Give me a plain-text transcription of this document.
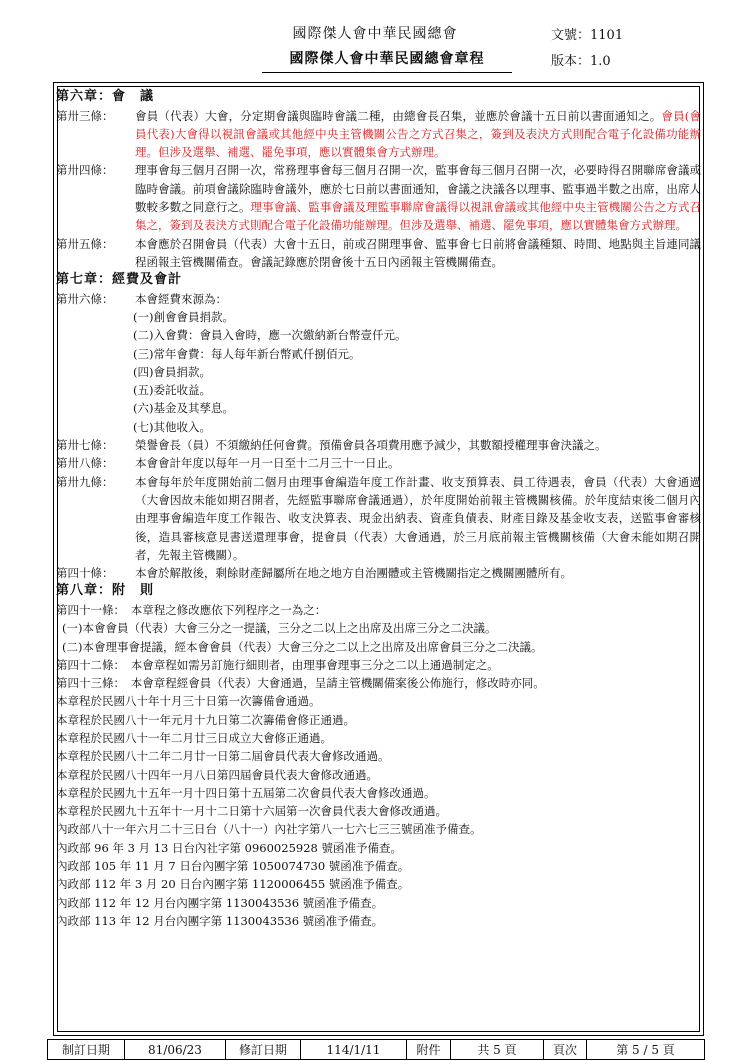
國際傑人會中華民國總會	文號：1101
國際傑人會中華民國總會章程	版本：1.0
第六章：會　議
第卅三條：	會員（代表）大會，分定期會議與臨時會議二種，由總會長召集，並應於會議十五日前以書面通知之。會員(會員代表)大會得以視訊會議或其他經中央主管機關公告之方式召集之，簽到及表決方式則配合電子化設備功能辦理。但涉及選舉、補選、罷免事項，應以實體集會方式辦理。
第卅四條：	理事會每三個月召開一次，常務理事會每三個月召開一次，監事會每三個月召開一次，必要時得召開聯席會議或臨時會議。前項會議除臨時會議外，應於七日前以書面通知，會議之決議各以理事、監事過半數之出席，出席人數較多數之同意行之。理事會議、監事會議及理監事聯席會議得以視訊會議或其他經中央主管機關公告之方式召集之，簽到及表決方式則配合電子化設備功能辦理。但涉及選舉、補選、罷免事項，應以實體集會方式辦理。
第卅五條：	本會應於召開會員（代表）大會十五日，前或召開理事會、監事會七日前將會議種類、時間、地點與主旨連同議程函報主管機關備查。會議記錄應於閉會後十五日內函報主管機關備查。
第七章：經費及會計
第卅六條：	本會經費來源為：
(一)創會會員捐款。
(二)入會費：會員入會時，應一次繳納新台幣壹仟元。
(三)常年會費：每人每年新台幣貳仟捌佰元。
(四)會員捐款。
(五)委託收益。
(六)基金及其孳息。
(七)其他收入。
第卅七條：	榮譽會長（員）不須繳納任何會費。預備會員各項費用應予減少，其數額授權理事會決議之。
第卅八條：	本會會計年度以每年一月一日至十二月三十一日止。
第卅九條：	本會每年於年度開始前二個月由理事會編造年度工作計畫、收支預算表、員工待遇表，會員（代表）大會通過（大會因故未能如期召開者，先經監事聯席會議通過），於年度開始前報主管機關核備。於年度結束後二個月內由理事會編造年度工作報告、收支決算表、現金出納表、資產負債表、財產目錄及基金收支表，送監事會審核後，造具審核意見書送還理事會，提會員（代表）大會通過，於三月底前報主管機關核備（大會未能如期召開者，先報主管機關）。
第四十條：	本會於解散後，剩餘財產歸屬所在地之地方自治團體或主管機關指定之機關團體所有。
第八章：附　則
第四十一條：　本章程之修改應依下列程序之一為之：
(一)本會會員（代表）大會三分之一提議，三分之二以上之出席及出席三分之二決議。
(二)本會理事會提議，經本會會員（代表）大會三分之二以上之出席及出席會員三分之二決議。
第四十二條：　本會章程如需另訂施行細則者，由理事會理事三分之二以上通過制定之。
第四十三條：　本會章程經會員（代表）大會通過，呈請主管機關備案後公佈施行，修改時亦同。
本章程於民國八十年十月三十日第一次籌備會通過。
本章程於民國八十一年元月十九日第二次籌備會修正通過。
本章程於民國八十一年二月廿三日成立大會修正通過。
本章程於民國八十二年二月廿一日第二屆會員代表大會修改通過。
本章程於民國八十四年一月八日第四屆會員代表大會修改通過。
本章程於民國九十五年一月十四日第十五屆第二次會員代表大會修改通過。
本章程於民國九十五年十一月十二日第十六屆第一次會員代表大會修改通過。
內政部八十一年六月二十三日台（八十一）內社字第八一七六七三三號函准予備查。
內政部 96 年 3 月 13 日台內社字第 0960025928 號函准予備查。
內政部 105 年 11 月 7 日台內團字第 1050074730 號函准予備查。
內政部 112 年 3 月 20 日台內團字第 1120006455 號函准予備查。
內政部 112 年 12 月台內團字第 1130043536 號函准予備查。
內政部 113 年 12 月台內團字第 1130043536 號函准予備查。
制訂日期	81/06/23	修訂日期	114/1/11	附件	共 5 頁	頁次	第 5 / 5 頁
